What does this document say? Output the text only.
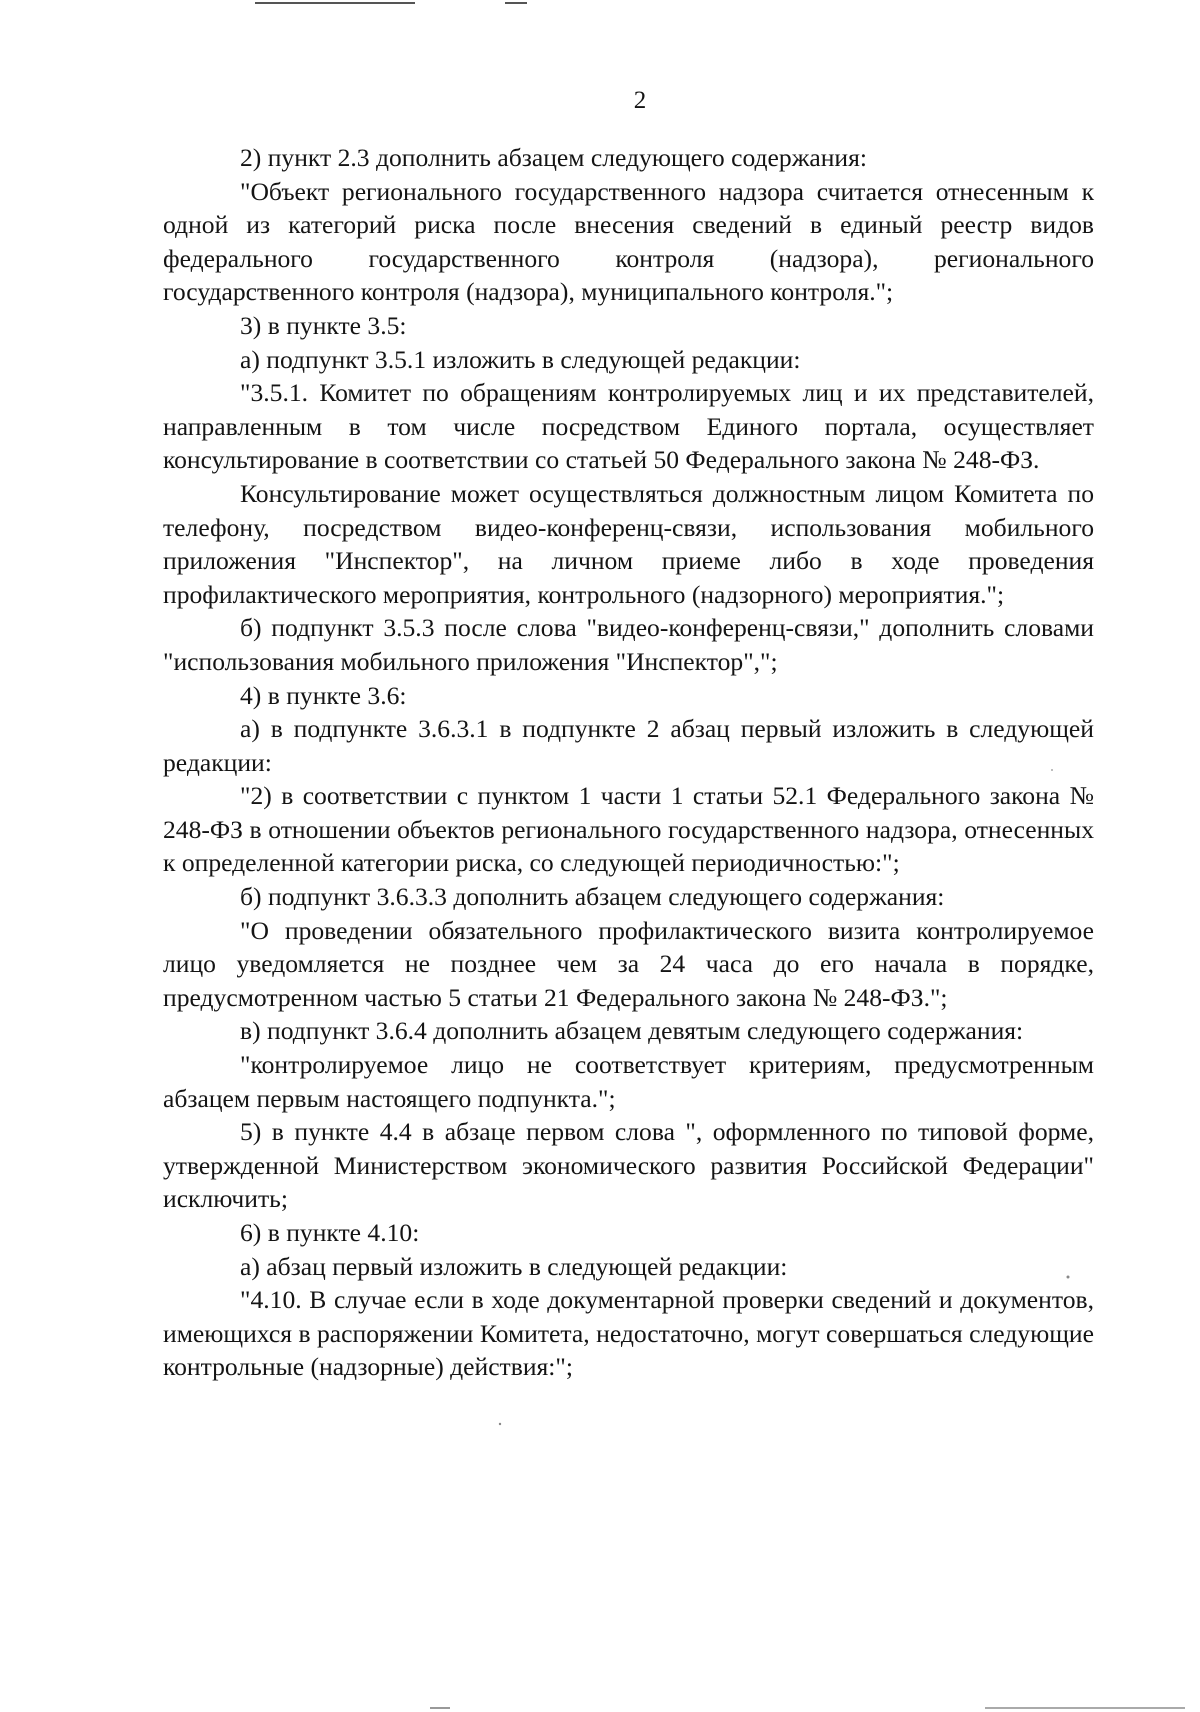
2

2) пункт 2.3 дополнить абзацем следующего содержания:

"Объект регионального государственного надзора считается отнесенным к одной из категорий риска после внесения сведений в единый реестр видов федерального государственного контроля (надзора), регионального государственного контроля (надзора), муниципального контроля.";

3) в пункте 3.5:

а) подпункт 3.5.1 изложить в следующей редакции:

"3.5.1. Комитет по обращениям контролируемых лиц и их представителей, направленным в том числе посредством Единого портала, осуществляет консультирование в соответствии со статьей 50 Федерального закона № 248-ФЗ.

Консультирование может осуществляться должностным лицом Комитета по телефону, посредством видео-конференц-связи, использования мобильного приложения "Инспектор", на личном приеме либо в ходе проведения профилактического мероприятия, контрольного (надзорного) мероприятия.";

б) подпункт 3.5.3 после слова "видео-конференц-связи," дополнить словами "использования мобильного приложения "Инспектор",";

4) в пункте 3.6:

а) в подпункте 3.6.3.1 в подпункте 2 абзац первый изложить в следующей редакции:

"2) в соответствии с пунктом 1 части 1 статьи 52.1 Федерального закона № 248-ФЗ в отношении объектов регионального государственного надзора, отнесенных к определенной категории риска, со следующей периодичностью:";

б) подпункт 3.6.3.3 дополнить абзацем следующего содержания:

"О проведении обязательного профилактического визита контролируемое лицо уведомляется не позднее чем за 24 часа до его начала в порядке, предусмотренном частью 5 статьи 21 Федерального закона № 248-ФЗ.";

в) подпункт 3.6.4 дополнить абзацем девятым следующего содержания:

"контролируемое лицо не соответствует критериям, предусмотренным абзацем первым настоящего подпункта.";

5) в пункте 4.4 в абзаце первом слова ", оформленного по типовой форме, утвержденной Министерством экономического развития Российской Федерации" исключить;

6) в пункте 4.10:

а) абзац первый изложить в следующей редакции:

"4.10. В случае если в ходе документарной проверки сведений и документов, имеющихся в распоряжении Комитета, недостаточно, могут совершаться следующие контрольные (надзорные) действия:";
